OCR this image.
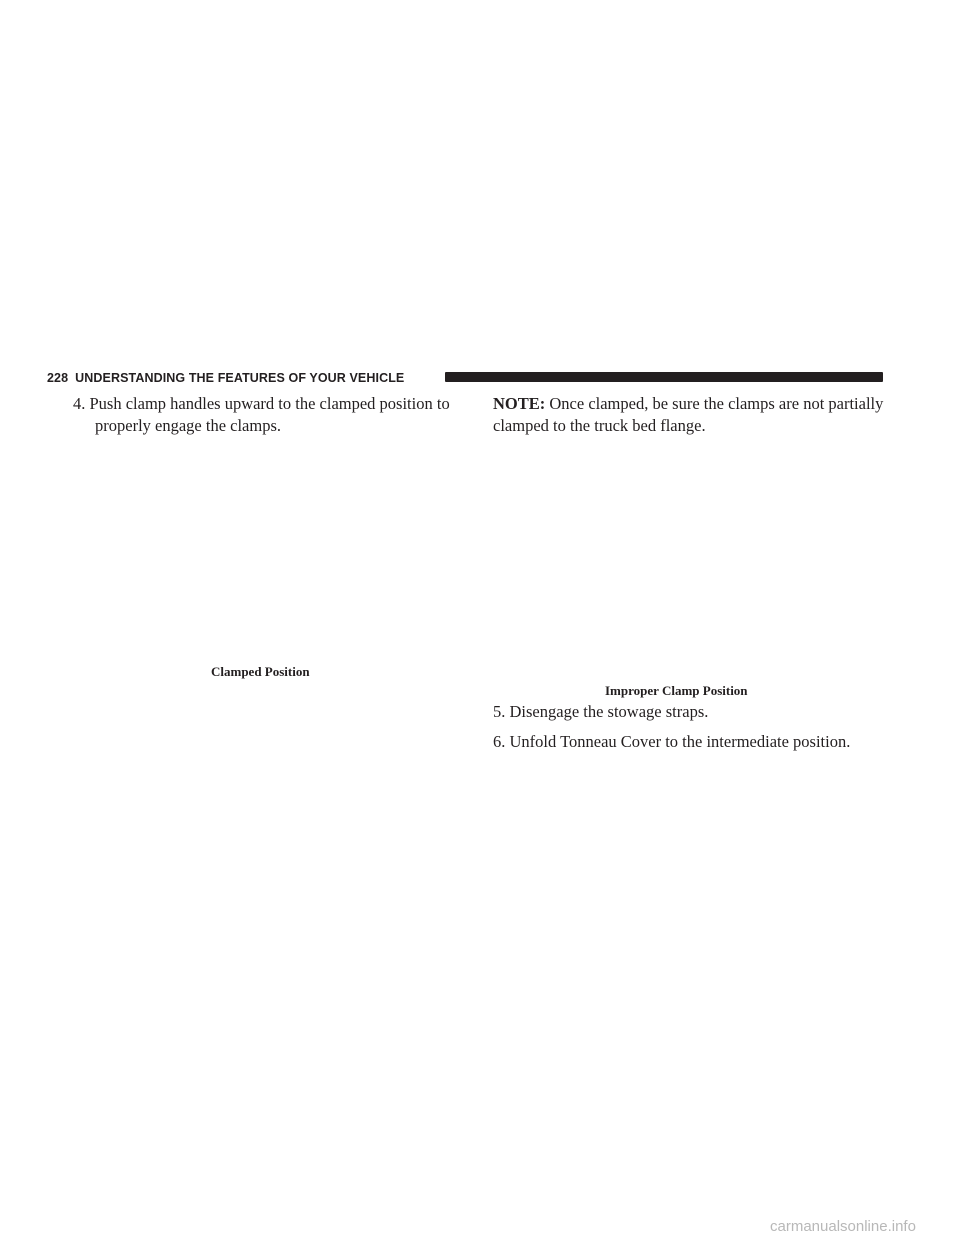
228 UNDERSTANDING THE FEATURES OF YOUR VEHICLE

4. Push clamp handles upward to the clamped position to properly engage the clamps.

Clamped Position

NOTE: Once clamped, be sure the clamps are not partially clamped to the truck bed flange.

Improper Clamp Position

5. Disengage the stowage straps.

6. Unfold Tonneau Cover to the intermediate position.

carmanualsonline.info
